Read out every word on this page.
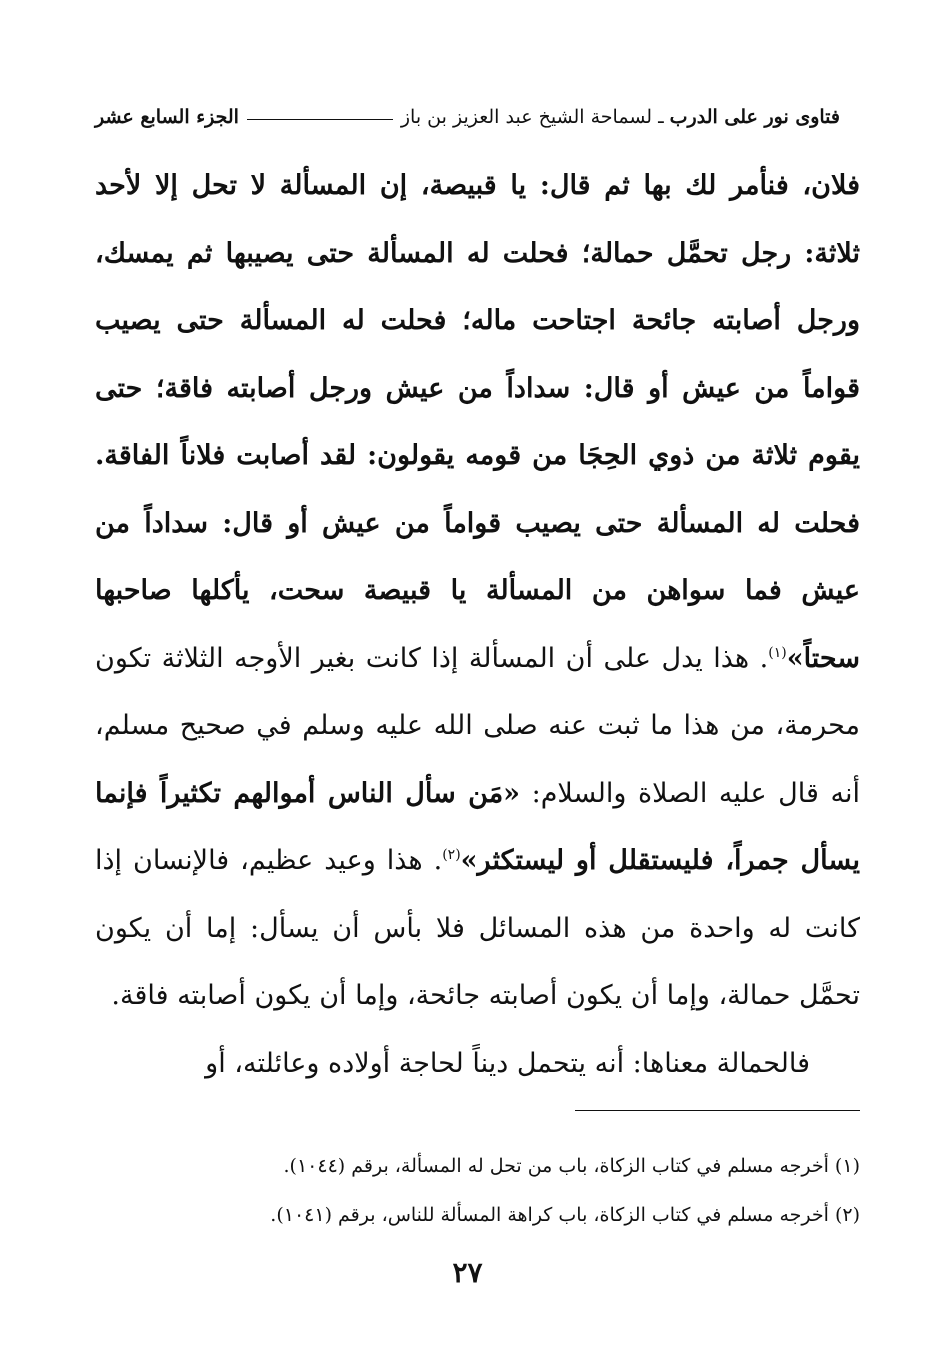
فتاوى نور على الدرب
ـ
لسماحة الشيخ عبد العزيز بن باز
الجزء السابع عشر

فلان، فنأمر لك بها ثم قال: يا قبيصة، إن المسألة لا تحل إلا لأحد ثلاثة: رجل تحمَّل حمالة؛ فحلت له المسألة حتى يصيبها ثم يمسك، ورجل أصابته جائحة اجتاحت ماله؛ فحلت له المسألة حتى يصيب قواماً من عيش أو قال: سداداً من عيش ورجل أصابته فاقة؛ حتى يقوم ثلاثة من ذوي الحِجَا من قومه يقولون: لقد أصابت فلاناً الفاقة. فحلت له المسألة حتى يصيب قواماً من عيش أو قال: سداداً من عيش فما سواهن من المسألة يا قبيصة سحت، يأكلها صاحبها سحتاً»$^{(١)}$. هذا يدل على أن المسألة إذا كانت بغير الأوجه الثلاثة تكون محرمة، من هذا ما ثبت عنه صلى الله عليه وسلم في صحيح مسلم، أنه قال عليه الصلاة والسلام: «مَن سأل الناس أموالهم تكثيراً فإنما يسأل جمراً، فليستقلل أو ليستكثر»$^{(٢)}$. هذا وعيد عظيم، فالإنسان إذا كانت له واحدة من هذه المسائل فلا بأس أن يسأل: إما أن يكون تحمَّل حمالة، وإما أن يكون أصابته جائحة، وإما أن يكون أصابته فاقة.

فالحمالة معناها: أنه يتحمل ديناً لحاجة أولاده وعائلته، أو

(١) أخرجه مسلم في كتاب الزكاة، باب من تحل له المسألة، برقم (١٠٤٤).

(٢) أخرجه مسلم في كتاب الزكاة، باب كراهة المسألة للناس، برقم (١٠٤١).

٢٧
